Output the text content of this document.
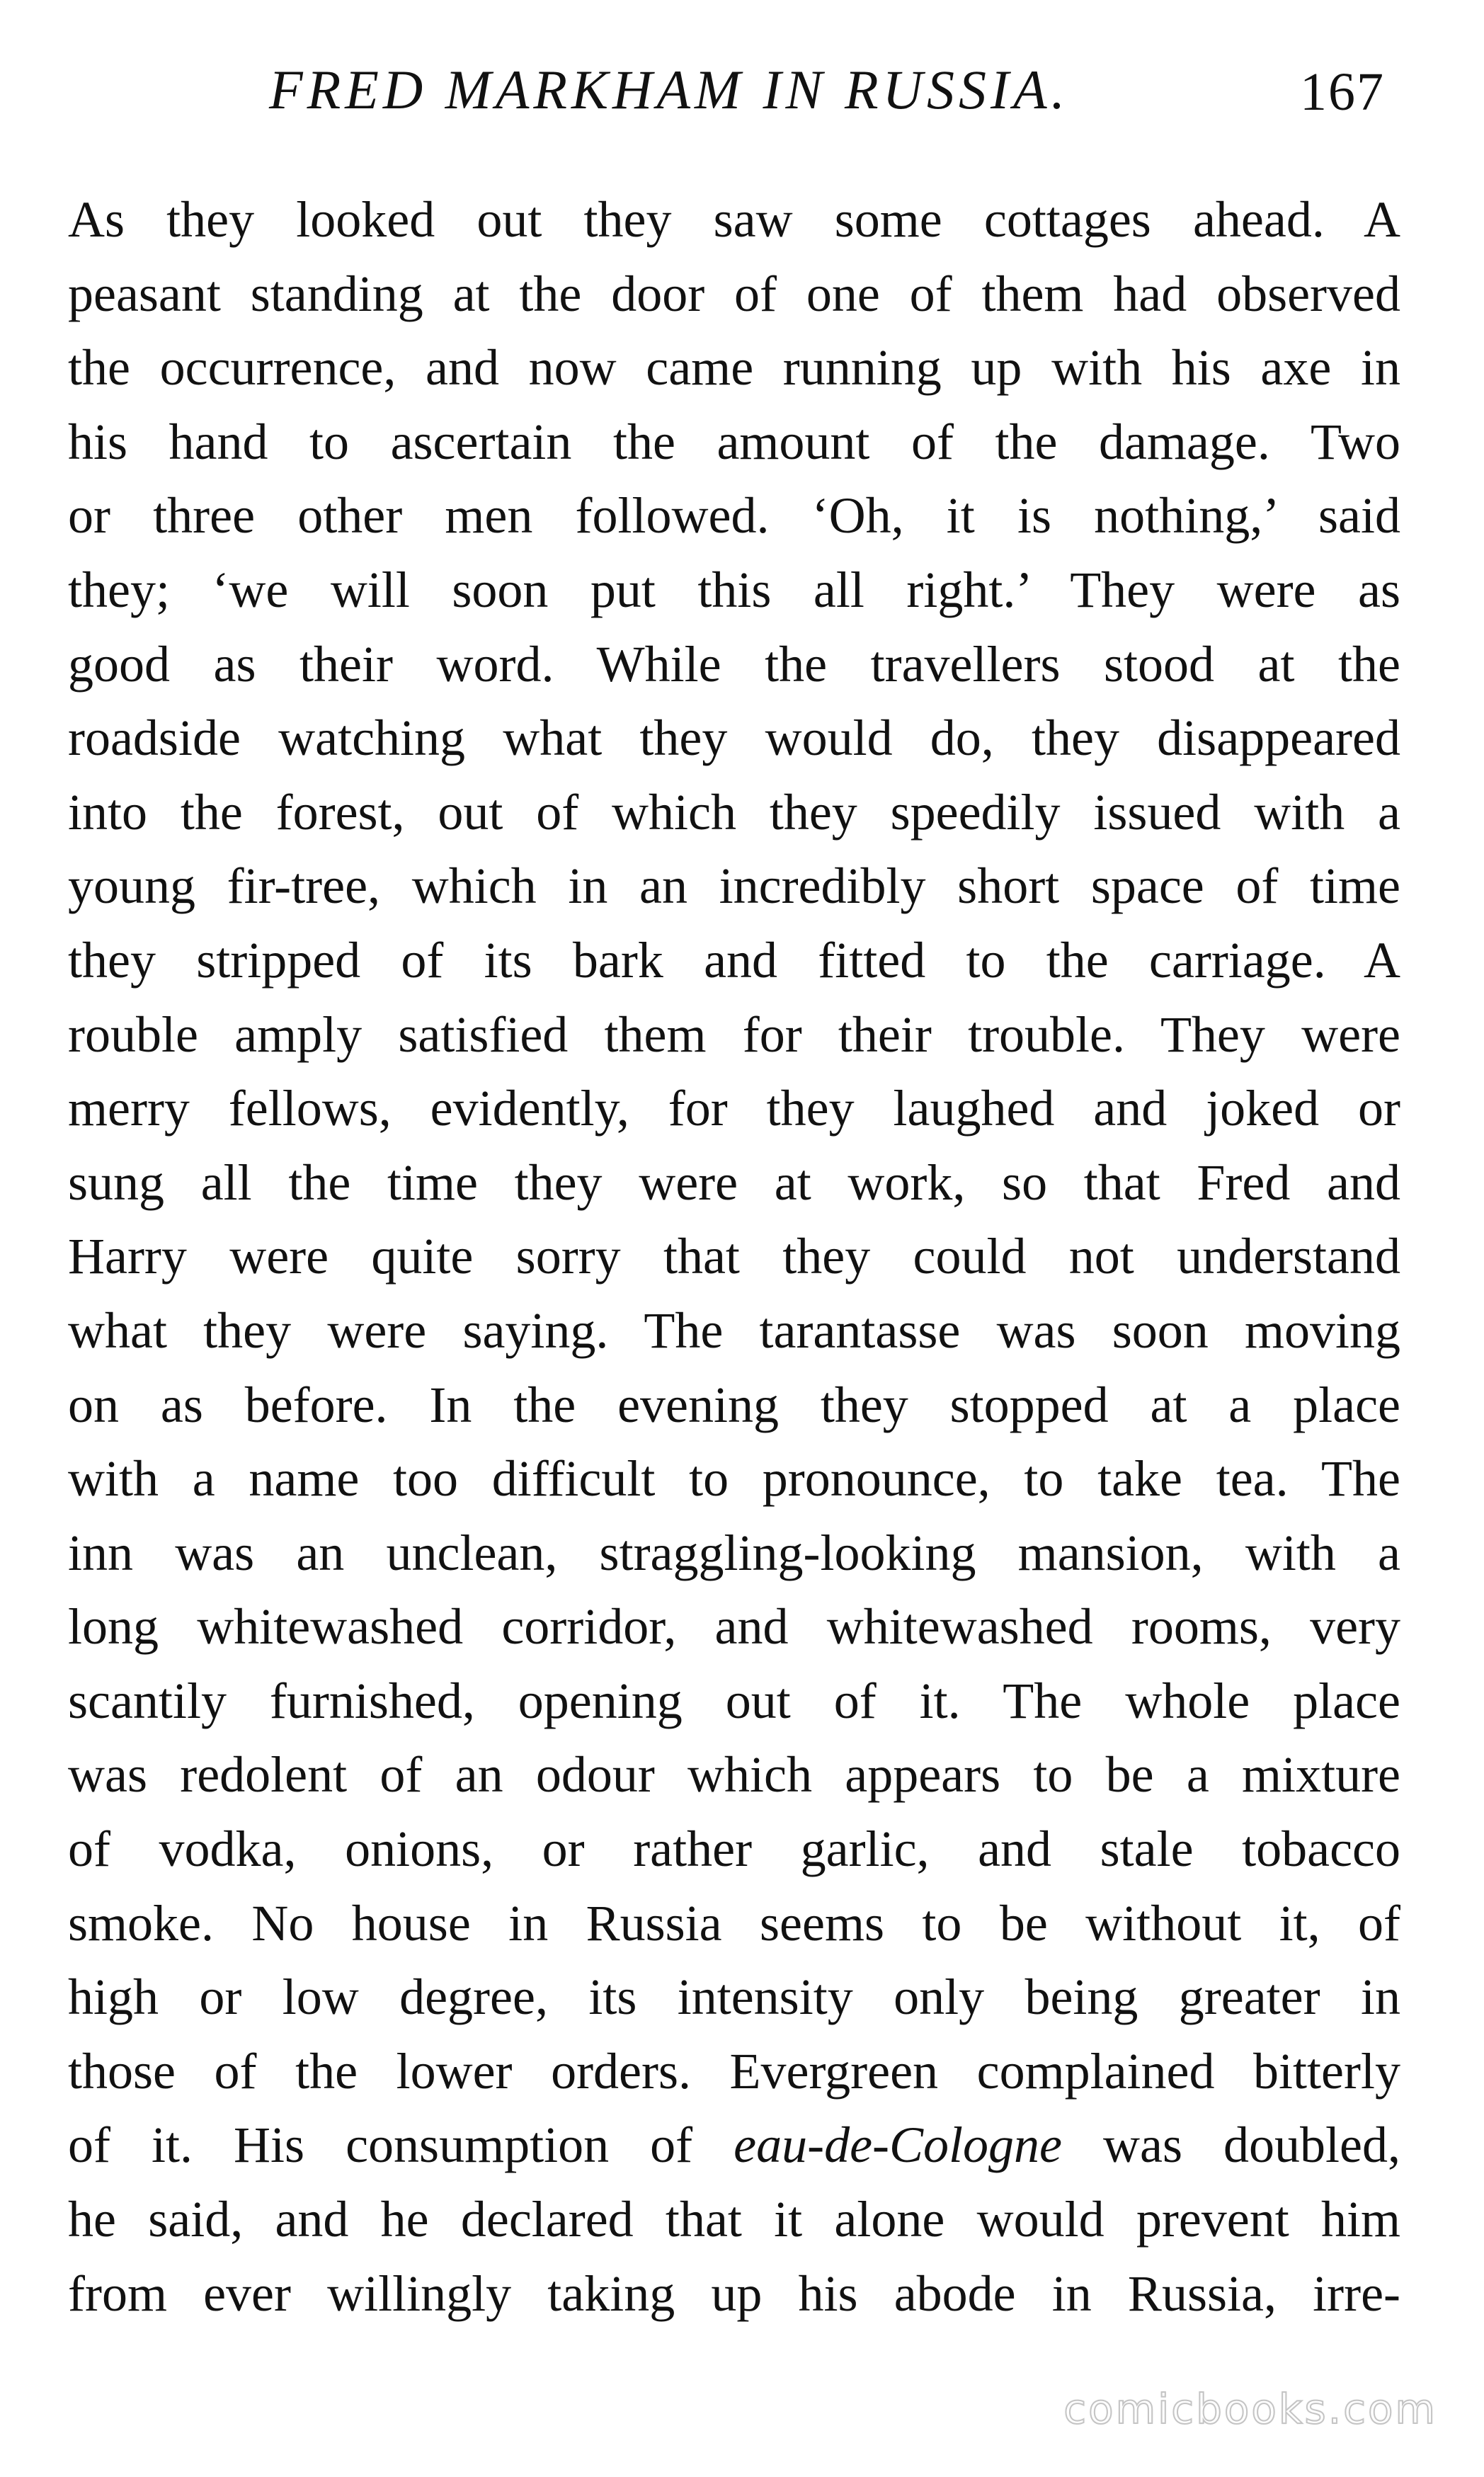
FRED MARKHAM IN RUSSIA.	167
As they looked out they saw some cottages ahead. A
peasant standing at the door of one of them had observed
the occurrence, and now came running up with his axe in
his hand to ascertain the amount of the damage. Two
or three other men followed. ‘Oh, it is nothing,’ said
they; ‘we will soon put this all right.’ They were as
good as their word. While the travellers stood at the
roadside watching what they would do, they disappeared
into the forest, out of which they speedily issued with a
young fir-tree, which in an incredibly short space of time
they stripped of its bark and fitted to the carriage. A
rouble amply satisfied them for their trouble. They were
merry fellows, evidently, for they laughed and joked or
sung all the time they were at work, so that Fred and
Harry were quite sorry that they could not understand
what they were saying. The tarantasse was soon moving
on as before. In the evening they stopped at a place
with a name too difficult to pronounce, to take tea. The
inn was an unclean, straggling-looking mansion, with a
long whitewashed corridor, and whitewashed rooms, very
scantily furnished, opening out of it. The whole place
was redolent of an odour which appears to be a mixture
of vodka, onions, or rather garlic, and stale tobacco
smoke. No house in Russia seems to be without it, of
high or low degree, its intensity only being greater in
those of the lower orders. Evergreen complained bitterly
of it. His consumption of eau-de-Cologne was doubled,
he said, and he declared that it alone would prevent him
from ever willingly taking up his abode in Russia, irre-
comicbooks.com
